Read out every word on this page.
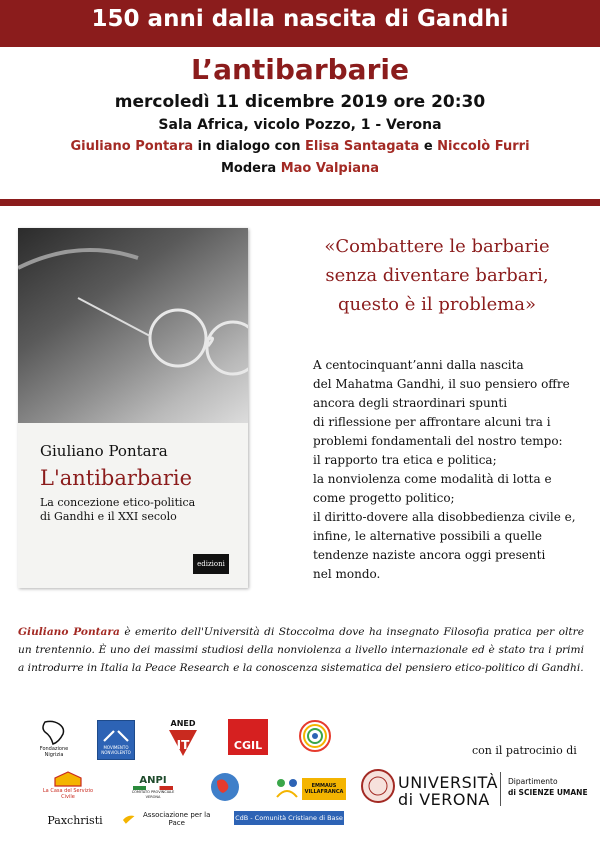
150 anni dalla nascita di Gandhi
L’antibarbarie
mercoledì 11 dicembre 2019 ore 20:30
Sala Africa, vicolo Pozzo, 1 - Verona
Giuliano Pontara in dialogo con Elisa Santagata e Niccolò Furri
Modera Mao Valpiana
Giuliano Pontara
L'antibarbarie
La concezione etico-politica
di Gandhi e il XXI secolo
edizioni
«Combattere le barbarie
senza diventare barbari,
questo è il problema»
A centocinquant’anni dalla nascita
del Mahatma Gandhi, il suo pensiero offre
ancora degli straordinari spunti
di riflessione per affrontare alcuni tra i
problemi fondamentali del nostro tempo:
il rapporto tra etica e politica;
la nonviolenza come modalità di lotta e
come progetto politico;
il diritto-dovere alla disobbedienza civile e,
infine, le alternative possibili a quelle
tendenze naziste ancora oggi presenti
nel mondo.
Giuliano Pontara è emerito dell'Università di Stoccolma dove ha insegnato Filosofia pratica per oltre un trentennio. È uno dei massimi studiosi della nonviolenza a livello internazionale ed è stato tra i primi a introdurre in Italia la Peace Research e la conoscenza sistematica del pensiero etico-politico di Gandhi.
Fondazione Nigrizia
MOVIMENTO NONVIOLENTO
ANED
IT	CGIL	con il patrocinio di
La Casa del Servizio Civile
ANPI
COMITATO PROVINCIALE VERONA
EMMAUS VILLAFRANCA	UNIVERSITÀ
di VERONA
Dipartimento
di SCIENZE UMANE
Paxchristi	Associazione per la Pace
CdB - Comunità Cristiane di Base
